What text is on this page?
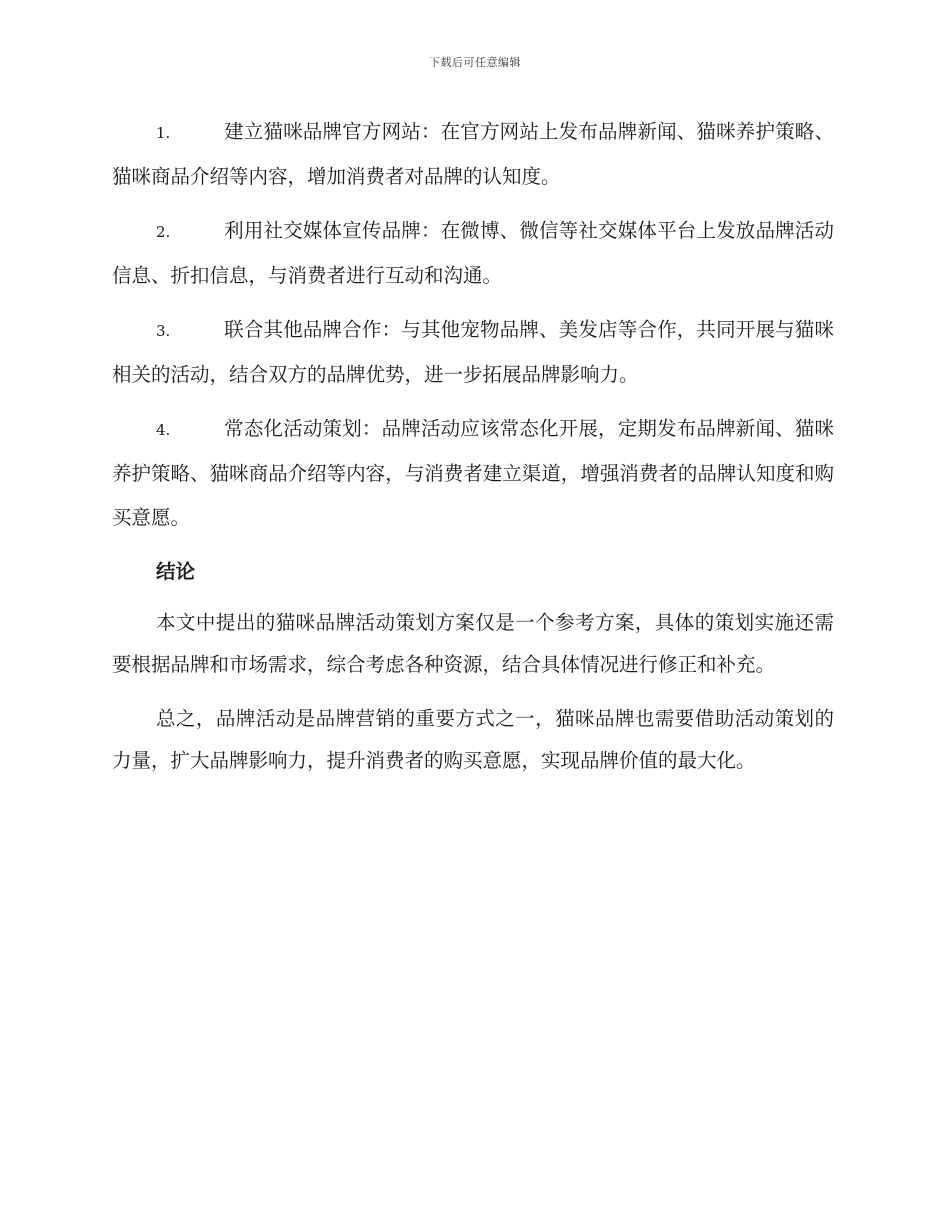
下载后可任意编辑

1.	建立猫咪品牌官方网站：在官方网站上发布品牌新闻、猫咪养护策略、猫咪商品介绍等内容，增加消费者对品牌的认知度。

2.	利用社交媒体宣传品牌：在微博、微信等社交媒体平台上发放品牌活动信息、折扣信息，与消费者进行互动和沟通。

3.	联合其他品牌合作：与其他宠物品牌、美发店等合作，共同开展与猫咪相关的活动，结合双方的品牌优势，进一步拓展品牌影响力。

4.	常态化活动策划：品牌活动应该常态化开展，定期发布品牌新闻、猫咪养护策略、猫咪商品介绍等内容，与消费者建立渠道，增强消费者的品牌认知度和购买意愿。

结论

本文中提出的猫咪品牌活动策划方案仅是一个参考方案，具体的策划实施还需要根据品牌和市场需求，综合考虑各种资源，结合具体情况进行修正和补充。

总之，品牌活动是品牌营销的重要方式之一，猫咪品牌也需要借助活动策划的力量，扩大品牌影响力，提升消费者的购买意愿，实现品牌价值的最大化。
